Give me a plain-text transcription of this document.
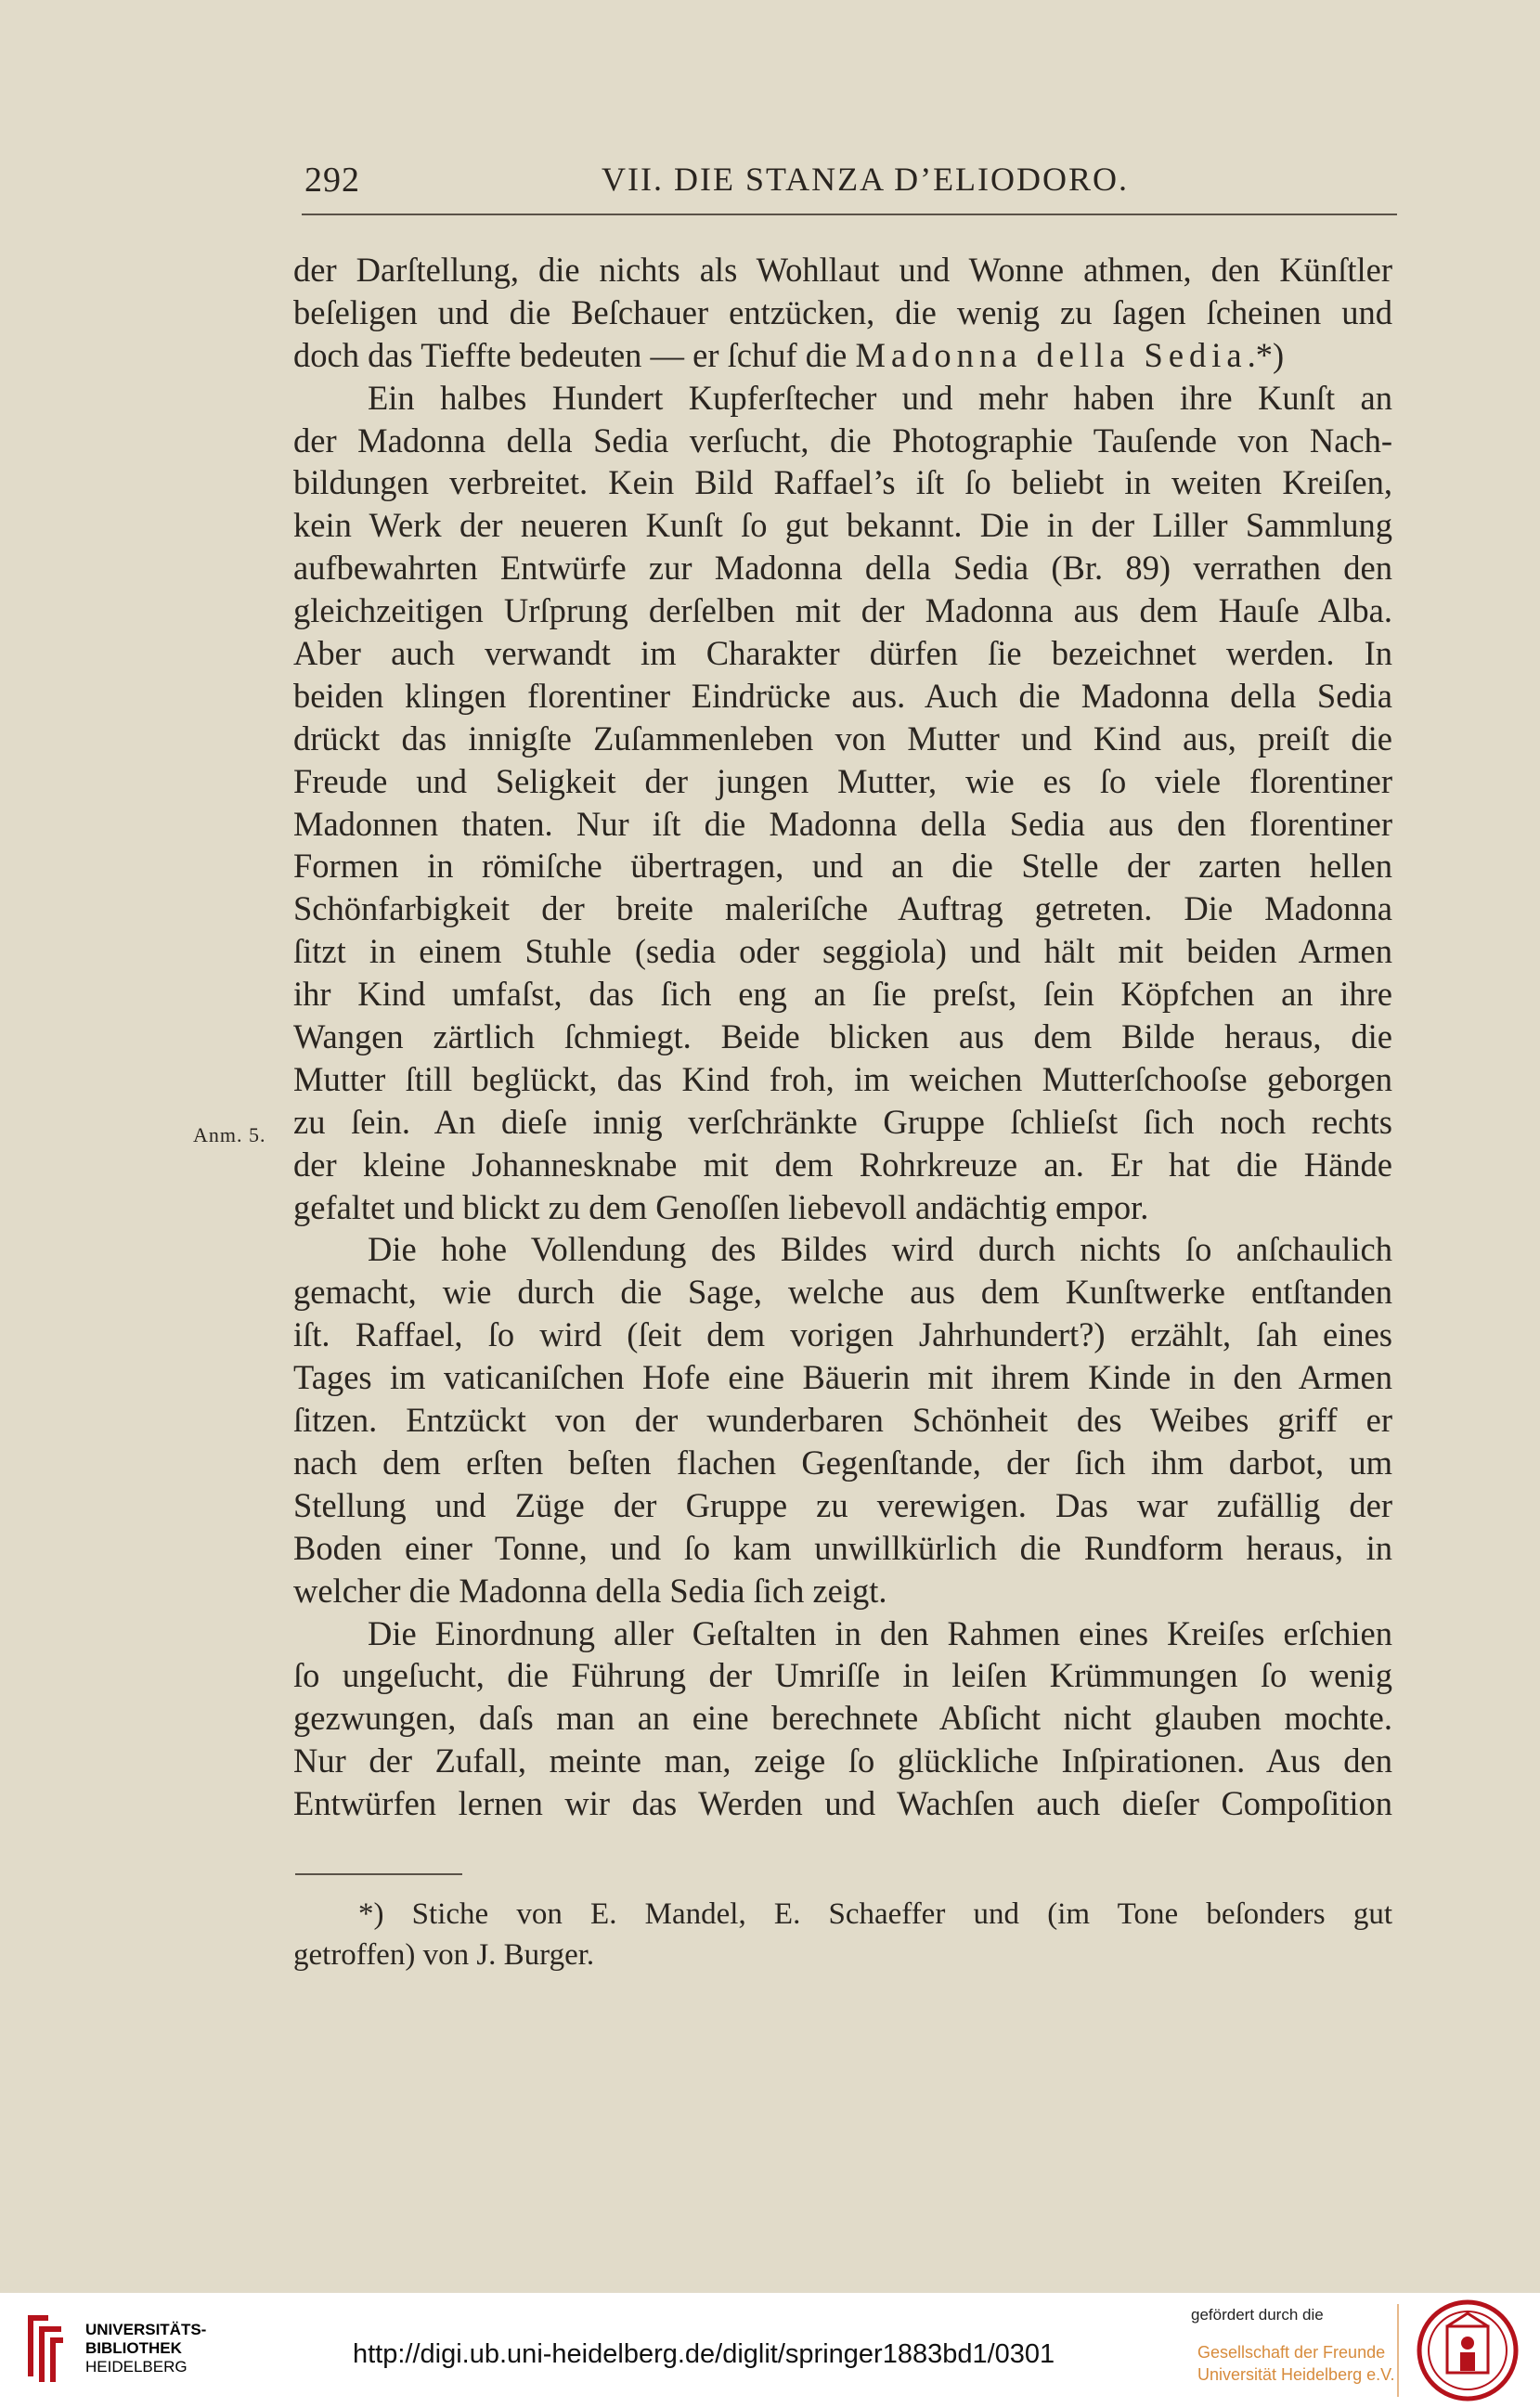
292	VII. DIE STANZA D’ELIODORO.
der Darſtellung, die nichts als Wohllaut und Wonne athmen, den Künſtler
beſeligen und die Beſchauer entzücken, die wenig zu ſagen ſcheinen und
doch das Tieffte bedeuten — er ſchuf die Madonna della Sedia.*)
Ein halbes Hundert Kupferſtecher und mehr haben ihre Kunſt an
der Madonna della Sedia verſucht, die Photographie Tauſende von Nach-
bildungen verbreitet. Kein Bild Raffael’s iſt ſo beliebt in weiten Kreiſen,
kein Werk der neueren Kunſt ſo gut bekannt. Die in der Liller Sammlung
aufbewahrten Entwürfe zur Madonna della Sedia (Br. 89) verrathen den
gleichzeitigen Urſprung derſelben mit der Madonna aus dem Hauſe Alba.
Aber auch verwandt im Charakter dürfen ſie bezeichnet werden. In
beiden klingen florentiner Eindrücke aus. Auch die Madonna della Sedia
drückt das innigſte Zuſammenleben von Mutter und Kind aus, preiſt die
Freude und Seligkeit der jungen Mutter, wie es ſo viele florentiner
Madonnen thaten. Nur iſt die Madonna della Sedia aus den florentiner
Formen in römiſche übertragen, und an die Stelle der zarten hellen
Schönfarbigkeit der breite maleriſche Auftrag getreten. Die Madonna
ſitzt in einem Stuhle (sedia oder seggiola) und hält mit beiden Armen
ihr Kind umfaſst, das ſich eng an ſie preſst, ſein Köpfchen an ihre
Wangen zärtlich ſchmiegt. Beide blicken aus dem Bilde heraus, die
Mutter ſtill beglückt, das Kind froh, im weichen Mutterſchooſse geborgen
zu ſein. An dieſe innig verſchränkte Gruppe ſchlieſst ſich noch rechts
der kleine Johannesknabe mit dem Rohrkreuze an. Er hat die Hände
gefaltet und blickt zu dem Genoſſen liebevoll andächtig empor.
Die hohe Vollendung des Bildes wird durch nichts ſo anſchaulich
gemacht, wie durch die Sage, welche aus dem Kunſtwerke entſtanden
iſt. Raffael, ſo wird (ſeit dem vorigen Jahrhundert?) erzählt, ſah eines
Tages im vaticaniſchen Hofe eine Bäuerin mit ihrem Kinde in den Armen
ſitzen. Entzückt von der wunderbaren Schönheit des Weibes griff er
nach dem erſten beſten flachen Gegenſtande, der ſich ihm darbot, um
Stellung und Züge der Gruppe zu verewigen. Das war zufällig der
Boden einer Tonne, und ſo kam unwillkürlich die Rundform heraus, in
welcher die Madonna della Sedia ſich zeigt.
Die Einordnung aller Geſtalten in den Rahmen eines Kreiſes erſchien
ſo ungeſucht, die Führung der Umriſſe in leiſen Krümmungen ſo wenig
gezwungen, daſs man an eine berechnete Abſicht nicht glauben mochte.
Nur der Zufall, meinte man, zeige ſo glückliche Inſpirationen. Aus den
Entwürfen lernen wir das Werden und Wachſen auch dieſer Compoſition
Anm. 5.
*) Stiche von E. Mandel, E. Schaeffer und (im Tone beſonders gut
getroffen) von J. Burger.
UNIVERSITÄTS-
BIBLIOTHEK
HEIDELBERG	http://digi.ub.uni-heidelberg.de/diglit/springer1883bd1/0301
gefördert durch die
Gesellschaft der Freunde
Universität Heidelberg e.V.
